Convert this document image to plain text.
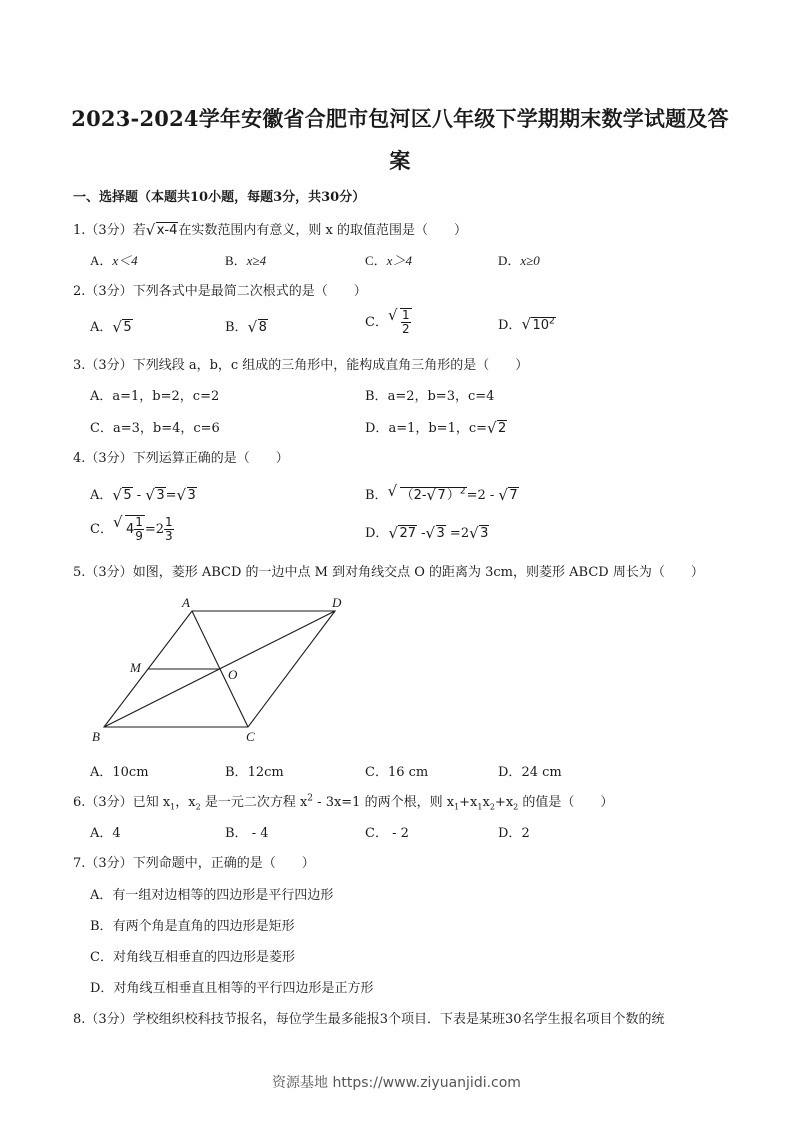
2023-2024学年安徽省合肥市包河区八年级下学期期末数学试题及答
案
一、选择题（本题共10小题，每题3分，共30分）
1.（3分）若 √ x-4在实数范围内有意义，则 x 的取值范围是（　　）
A．x＜4	B．x≥4	C．x＞4	D．x≥0
2.（3分）下列各式中是最简二次根式的是（　　）
A． √ 5	B． √ 8	C． √ $\frac{1}{2}$	D． √ $10^2$
3.（3分）下列线段 a，b，c 组成的三角形中，能构成直角三角形的是（　　）
A．a=1，b=2，c=2	B．a=2，b=3，c=4
C．a=3，b=4，c=6	D．a=1，b=1，c= √ 2
4.（3分）下列运算正确的是（　　）
A． √ 5 - √ 3= √ 3	B． √ （2- √ 7）$^2$=2 - √ 7
C． √ $4 \frac{1}{9} =2 \frac{1}{3}$	D． √ 27 - √ 3 =2 √ 3
5.（3分）如图，菱形 ABCD 的一边中点 M 到对角线交点 O 的距离为 3cm，则菱形 ABCD 周长为（　　）
A	D
M	O
B	C
A．10cm	B．12cm	C．16 cm	D．24 cm
6.（3分）已知 $x_1$，$x_2$ 是一元二次方程 $x^2 - 3x=1$ 的两个根，则 $x_1+x_1x_2+x_2$ 的值是（　　）
A．4	B． - 4	C． - 2	D．2
7.（3分）下列命题中，正确的是（　　）
A．有一组对边相等的四边形是平行四边形
B．有两个角是直角的四边形是矩形
C．对角线互相垂直的四边形是菱形
D．对角线互相垂直且相等的平行四边形是正方形
8.（3分）学校组织校科技节报名，每位学生最多能报3个项目．下表是某班30名学生报名项目个数的统
资源基地 https://www.ziyuanjidi.com
